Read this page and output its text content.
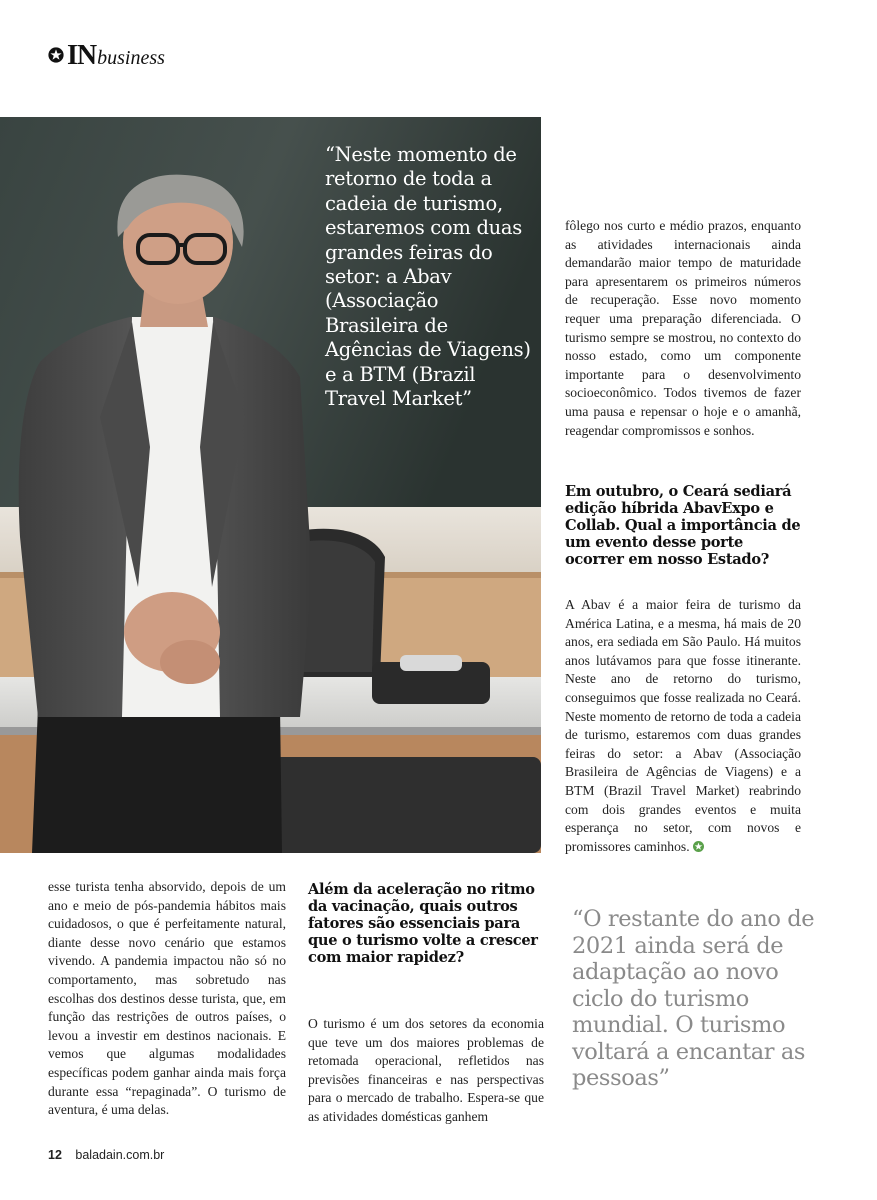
IN business
“Neste momento de retorno de toda a cadeia de turismo, estaremos com duas grandes feiras do setor: a Abav (Associação Brasileira de Agências de Viagens) e a BTM (Brazil Travel Market”
fôlego nos curto e médio prazos, enquanto as atividades internacionais ainda demandarão maior tempo de maturidade para apresentarem os primeiros números de recuperação. Esse novo momento requer uma preparação diferenciada. O turismo sempre se mostrou, no contexto do nosso estado, como um componente importante para o desenvolvimento socioeconômico. Todos tivemos de fazer uma pausa e repensar o hoje e o amanhã, reagendar compromissos e sonhos.
Em outubro, o Ceará sediará edição híbrida AbavExpo e Collab. Qual a importância de um evento desse porte ocorrer em nosso Estado?
A Abav é a maior feira de turismo da América Latina, e a mesma, há mais de 20 anos, era sediada em São Paulo. Há muitos anos lutávamos para que fosse itinerante. Neste ano de retorno do turismo, conseguimos que fosse realizada no Ceará. Neste momento de retorno de toda a cadeia de turismo, estaremos com duas grandes feiras do setor: a Abav (Associação Brasileira de Agências de Viagens) e a BTM (Brazil Travel Market) reabrindo com dois grandes eventos e muita esperança no setor, com novos e promissores caminhos.
esse turista tenha absorvido, depois de um ano e meio de pós-pandemia hábitos mais cuidadosos, o que é perfeitamente natural, diante desse novo cenário que estamos vivendo. A pandemia impactou não só no comportamento, mas sobretudo nas escolhas dos destinos desse turista, que, em função das restrições de outros países, o levou a investir em destinos nacionais. E vemos que algumas modalidades específicas podem ganhar ainda mais força durante essa “repaginada”. O turismo de aventura, é uma delas.
Além da aceleração no ritmo da vacinação, quais outros fatores são essenciais para que o turismo volte a crescer com maior rapidez?
O turismo é um dos setores da economia que teve um dos maiores problemas de retomada operacional, refletidos nas previsões financeiras e nas perspectivas para o mercado de trabalho. Espera-se que as atividades domésticas ganhem
“O restante do ano de 2021 ainda será de adaptação ao novo ciclo do turismo mundial. O turismo voltará a encantar as pessoas”
12 baladain.com.br
